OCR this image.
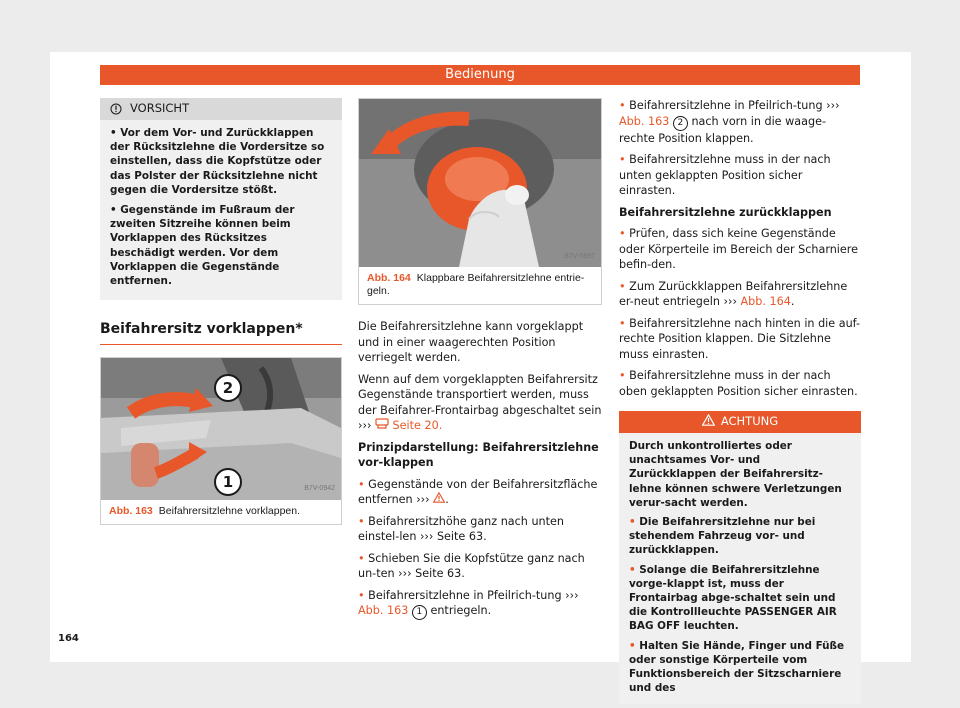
Bedienung
VORSICHT

• Vor dem Vor- und Zurückklappen der Rücksitzlehne die Vordersitze so einstellen, dass die Kopfstütze oder das Polster der Rücksitzlehne nicht gegen die Vordersitze stößt.

• Gegenstände im Fußraum der zweiten Sitzreihe können beim Vorklappen des Rücksitzes beschädigt werden. Vor dem Vorklappen die Gegenstände entfernen.

Beifahrersitz vorklappen*
2
1	B7V-0942
Abb. 163 Beifahrersitzlehne vorklappen.
B7V-0897
Abb. 164 Klappbare Beifahrersitzlehne entrie-geln.

Die Beifahrersitzlehne kann vorgeklappt und in einer waagerechten Position verriegelt werden.

Wenn auf dem vorgeklappten Beifahrersitz Gegenstände transportiert werden, muss der Beifahrer-Frontairbag abgeschaltet sein ›››  Seite 20.

Prinzipdarstellung: Beifahrersitzlehne vor-klappen

• Gegenstände von der Beifahrersitzfläche entfernen ››› .

• Beifahrersitzhöhe ganz nach unten einstel-len ››› Seite 63.

• Schieben Sie die Kopfstütze ganz nach un-ten ››› Seite 63.

• Beifahrersitzlehne in Pfeilrich-tung ››› Abb. 163 1 entriegeln.

• Beifahrersitzlehne in Pfeilrich-tung ››› Abb. 163 2 nach vorn in die waage-rechte Position klappen.

• Beifahrersitzlehne muss in der nach unten geklappten Position sicher einrasten.

Beifahrersitzlehne zurückklappen

• Prüfen, dass sich keine Gegenstände oder Körperteile im Bereich der Scharniere befin-den.

• Zum Zurückklappen Beifahrersitzlehne er-neut entriegeln ››› Abb. 164.

• Beifahrersitzlehne nach hinten in die auf-rechte Position klappen. Die Sitzlehne muss einrasten.

• Beifahrersitzlehne muss in der nach oben geklappten Position sicher einrasten.

ACHTUNG

Durch unkontrolliertes oder unachtsames Vor- und Zurückklappen der Beifahrersitz-lehne können schwere Verletzungen verur-sacht werden.

• Die Beifahrersitzlehne nur bei stehendem Fahrzeug vor- und zurückklappen.

• Solange die Beifahrersitzlehne vorge-klappt ist, muss der Frontairbag abge-schaltet sein und die Kontrollleuchte PASSENGER AIR BAG OFF leuchten.

• Halten Sie Hände, Finger und Füße oder sonstige Körperteile vom Funktionsbereich der Sitzscharniere und des

164
